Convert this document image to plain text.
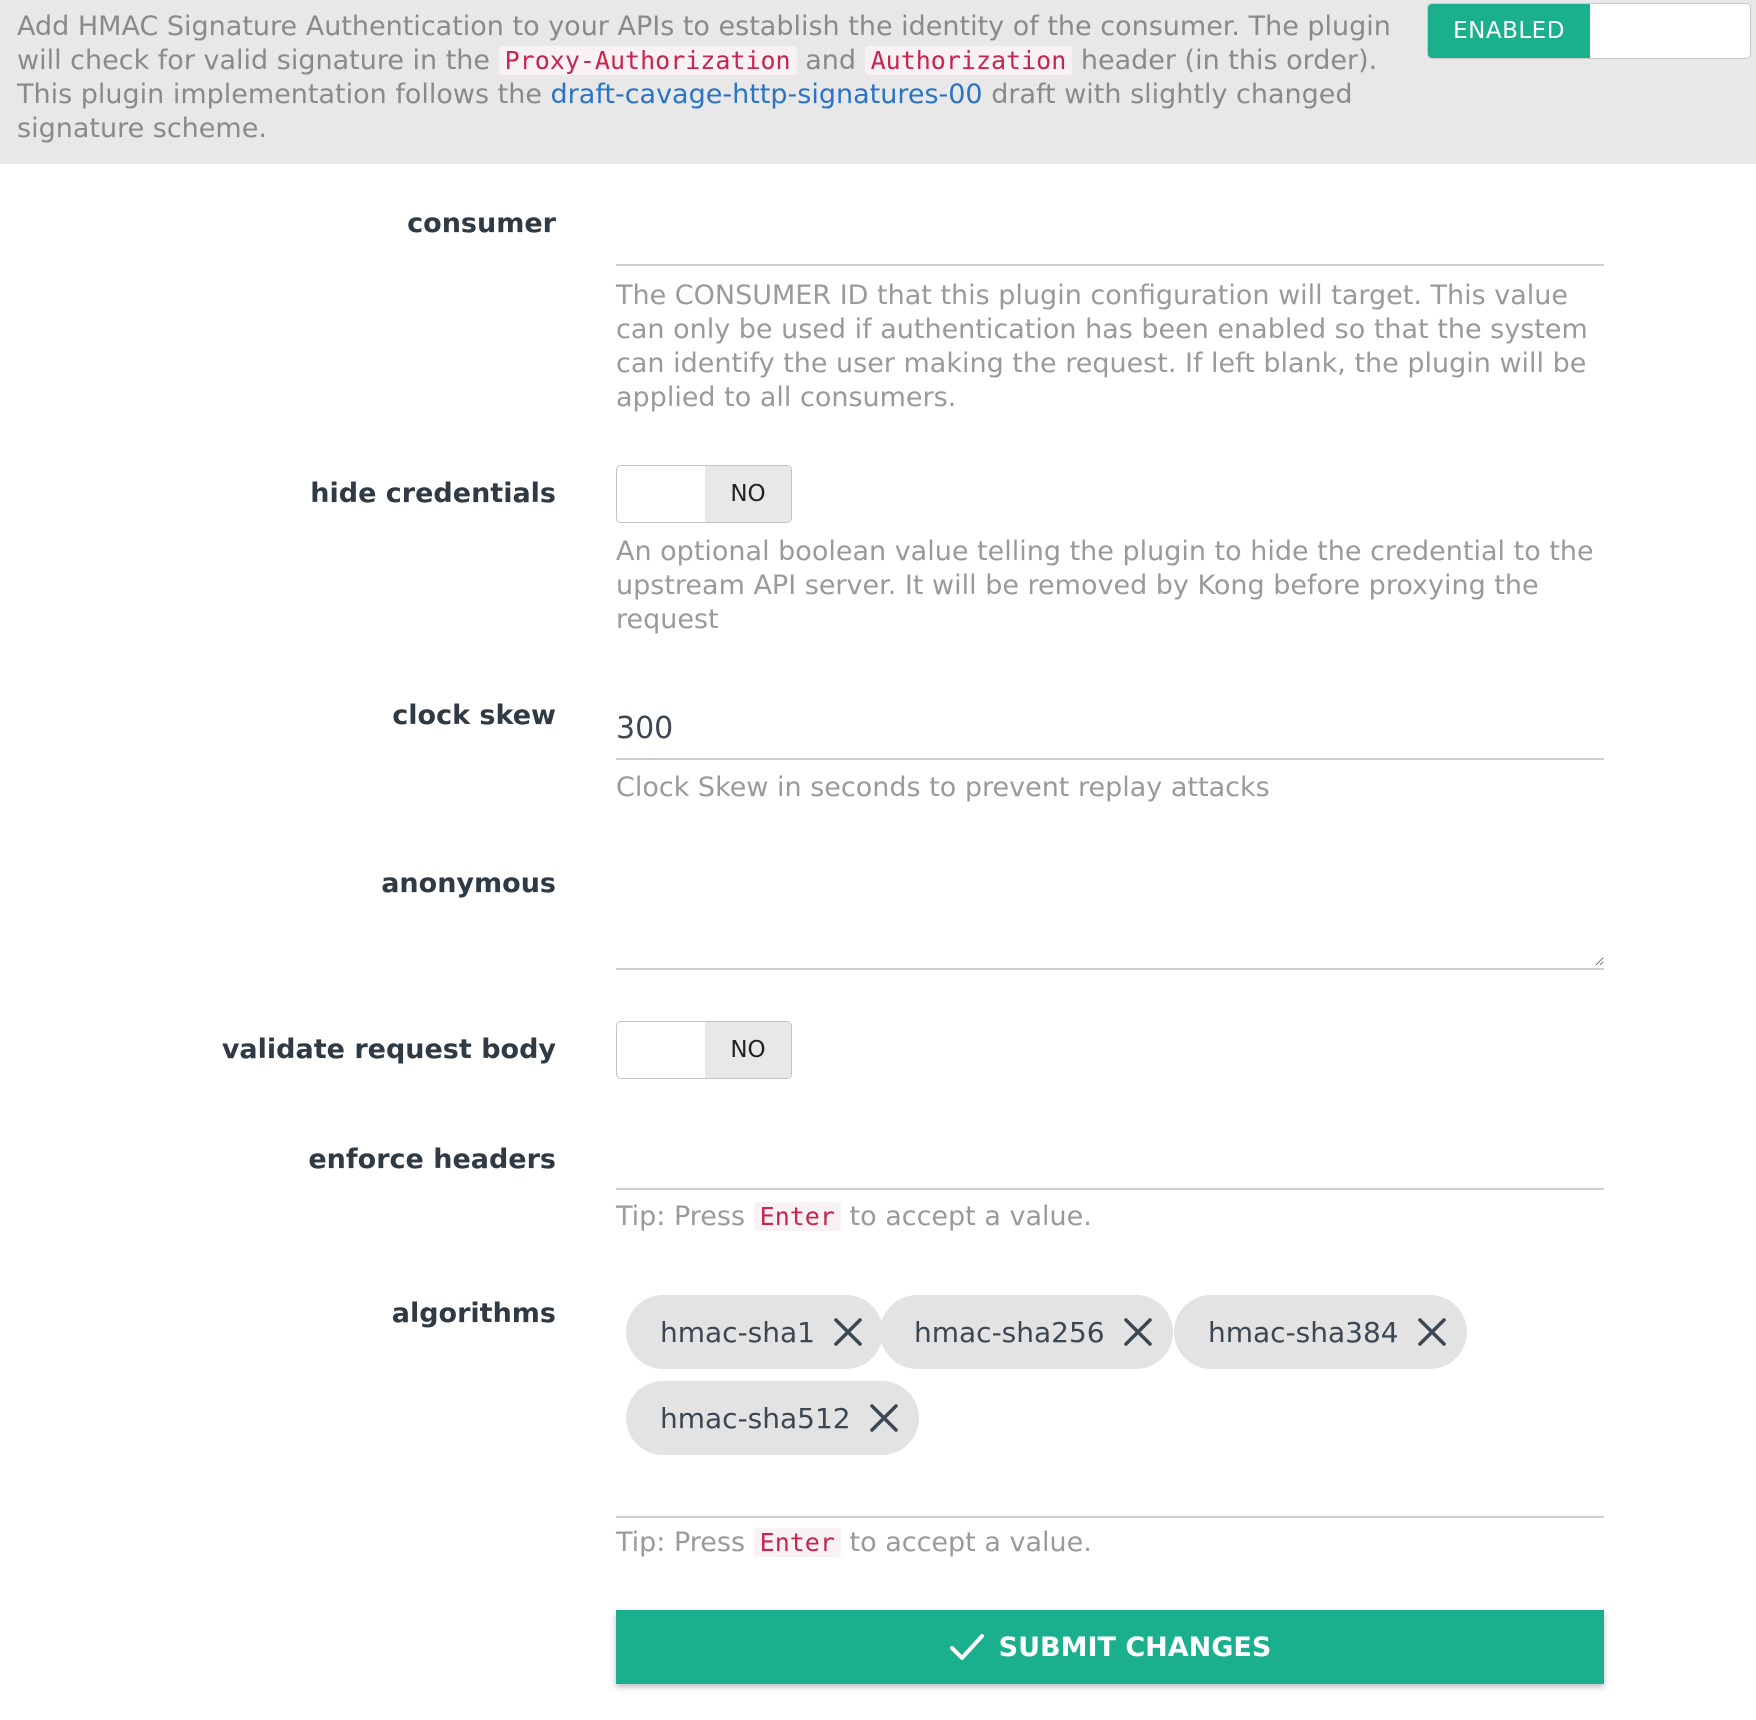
Add HMAC Signature Authentication to your APIs to establish the identity of the consumer. The plugin will check for valid signature in the Proxy-Authorization and Authorization header (in this order).
This plugin implementation follows the draft-cavage-http-signatures-00 draft with slightly changed signature scheme.

ENABLED
consumer

The CONSUMER ID that this plugin configuration will target. This value can only be used if authentication has been enabled so that the system can identify the user making the request. If left blank, the plugin will be applied to all consumers.

hide credentials	NO

An optional boolean value telling the plugin to hide the credential to the upstream API server. It will be removed by Kong before proxying the request

clock skew
300

Clock Skew in seconds to prevent replay attacks

anonymous
validate request body	NO
enforce headers

Tip: Press Enter to accept a value.

algorithms
hmac-sha1	hmac-sha256	hmac-sha384
hmac-sha512

Tip: Press Enter to accept a value.

SUBMIT CHANGES
